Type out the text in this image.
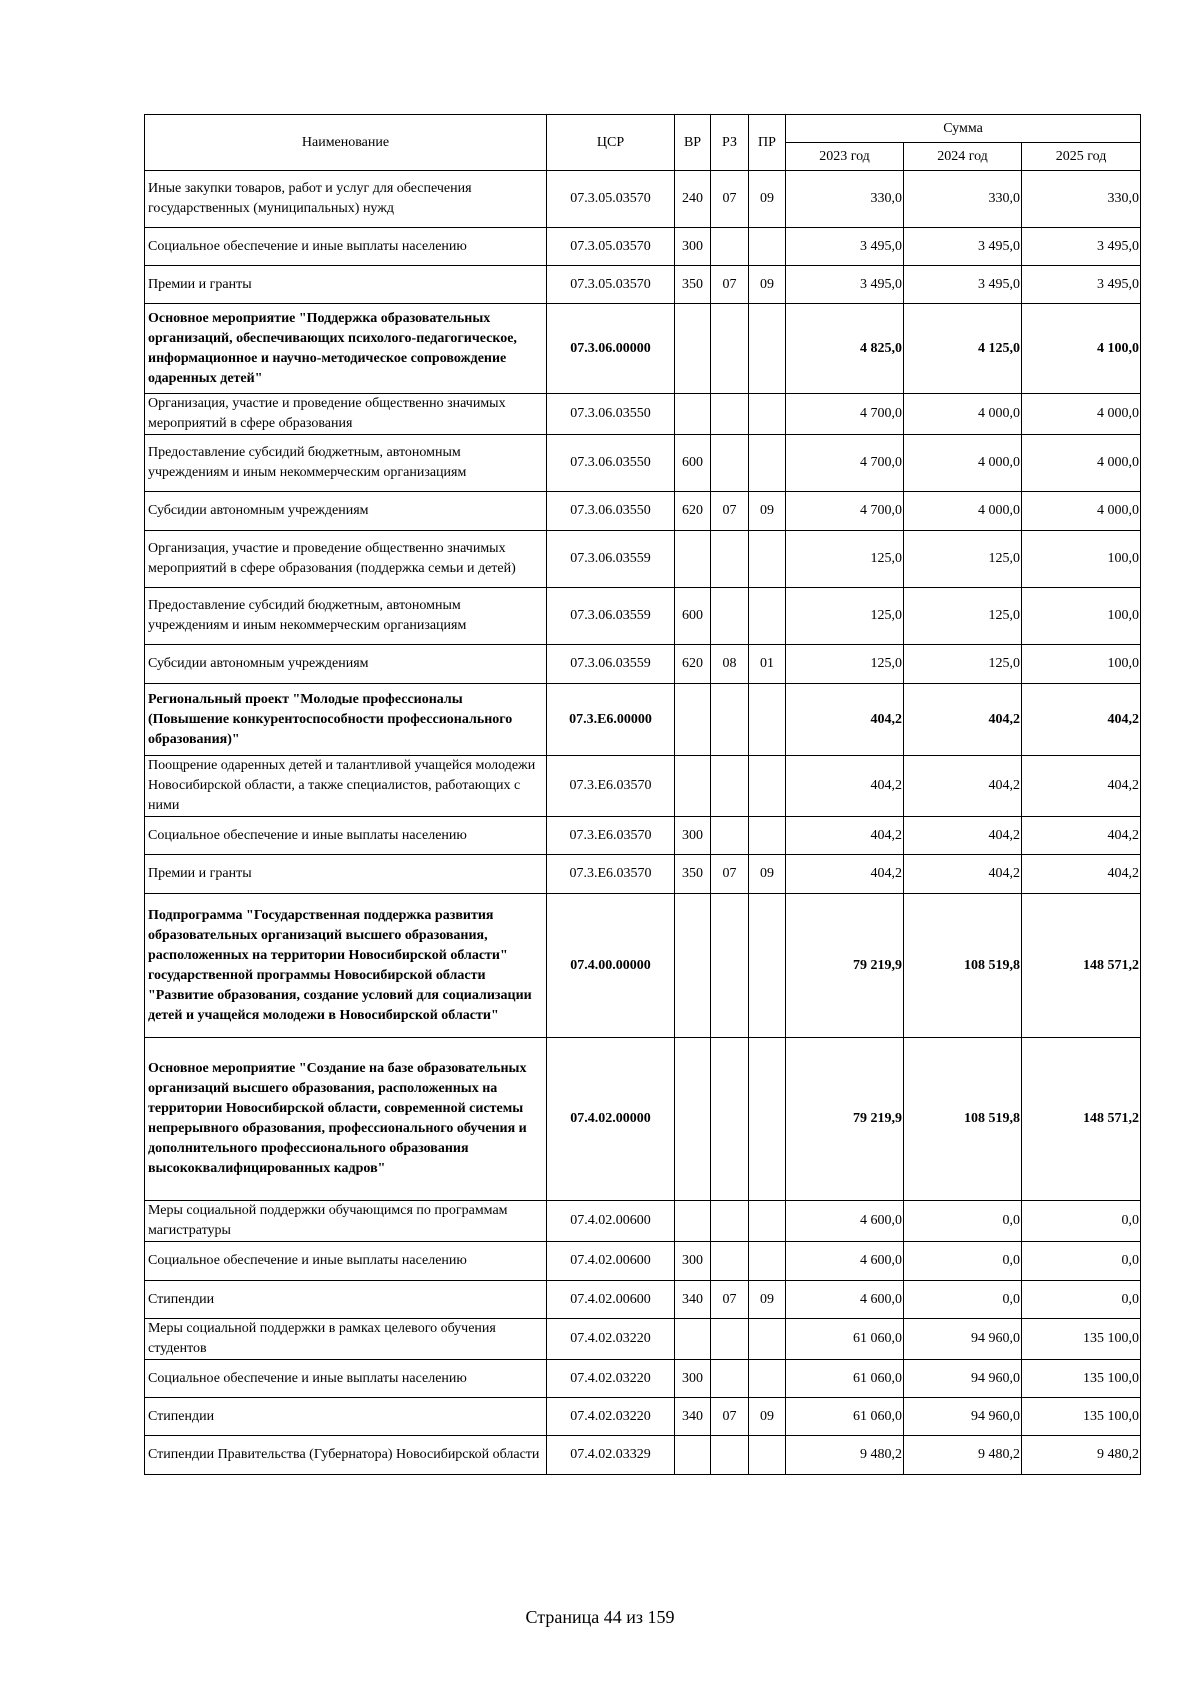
Наименование	ЦСР	ВР	РЗ	ПР	Сумма		
					2023 год	2024 год	2025 год
Иные закупки товаров, работ и услуг для обеспечения государственных (муниципальных) нужд	07.3.05.03570	240	07	09	330,0	330,0	330,0
Социальное обеспечение и иные выплаты населению	07.3.05.03570	300			3 495,0	3 495,0	3 495,0
Премии и гранты	07.3.05.03570	350	07	09	3 495,0	3 495,0	3 495,0
Основное мероприятие "Поддержка образовательных организаций, обеспечивающих психолого-педагогическое, информационное и научно-методическое сопровождение одаренных детей"	07.3.06.00000				4 825,0	4 125,0	4 100,0
Организация, участие и проведение общественно значимых мероприятий в сфере образования	07.3.06.03550				4 700,0	4 000,0	4 000,0
Предоставление субсидий бюджетным, автономным учреждениям и иным некоммерческим организациям	07.3.06.03550	600			4 700,0	4 000,0	4 000,0
Субсидии автономным учреждениям	07.3.06.03550	620	07	09	4 700,0	4 000,0	4 000,0
Организация, участие и проведение общественно значимых мероприятий в сфере образования (поддержка семьи и детей)	07.3.06.03559				125,0	125,0	100,0
Предоставление субсидий бюджетным, автономным учреждениям и иным некоммерческим организациям	07.3.06.03559	600			125,0	125,0	100,0
Субсидии автономным учреждениям	07.3.06.03559	620	08	01	125,0	125,0	100,0
Региональный проект "Молодые профессионалы (Повышение конкурентоспособности профессионального образования)"	07.3.E6.00000				404,2	404,2	404,2
Поощрение одаренных детей и талантливой учащейся молодежи Новосибирской области, а также специалистов, работающих с ними	07.3.E6.03570				404,2	404,2	404,2
Социальное обеспечение и иные выплаты населению	07.3.E6.03570	300			404,2	404,2	404,2
Премии и гранты	07.3.E6.03570	350	07	09	404,2	404,2	404,2
Подпрограмма "Государственная поддержка развития образовательных организаций высшего образования, расположенных на территории Новосибирской области" государственной программы Новосибирской области "Развитие образования, создание условий для социализации детей и учащейся молодежи в Новосибирской области"	07.4.00.00000				79 219,9	108 519,8	148 571,2
Основное мероприятие "Создание на базе образовательных организаций высшего образования, расположенных на территории Новосибирской области, современной системы непрерывного образования, профессионального обучения и дополнительного профессионального образования высококвалифицированных кадров"	07.4.02.00000				79 219,9	108 519,8	148 571,2
Меры социальной поддержки обучающимся по программам магистратуры	07.4.02.00600				4 600,0	0,0	0,0
Социальное обеспечение и иные выплаты населению	07.4.02.00600	300			4 600,0	0,0	0,0
Стипендии	07.4.02.00600	340	07	09	4 600,0	0,0	0,0
Меры социальной поддержки в рамках целевого обучения студентов	07.4.02.03220				61 060,0	94 960,0	135 100,0
Социальное обеспечение и иные выплаты населению	07.4.02.03220	300			61 060,0	94 960,0	135 100,0
Стипендии	07.4.02.03220	340	07	09	61 060,0	94 960,0	135 100,0
Стипендии Правительства (Губернатора) Новосибирской области	07.4.02.03329				9 480,2	9 480,2	9 480,2
Страница 44 из 159
